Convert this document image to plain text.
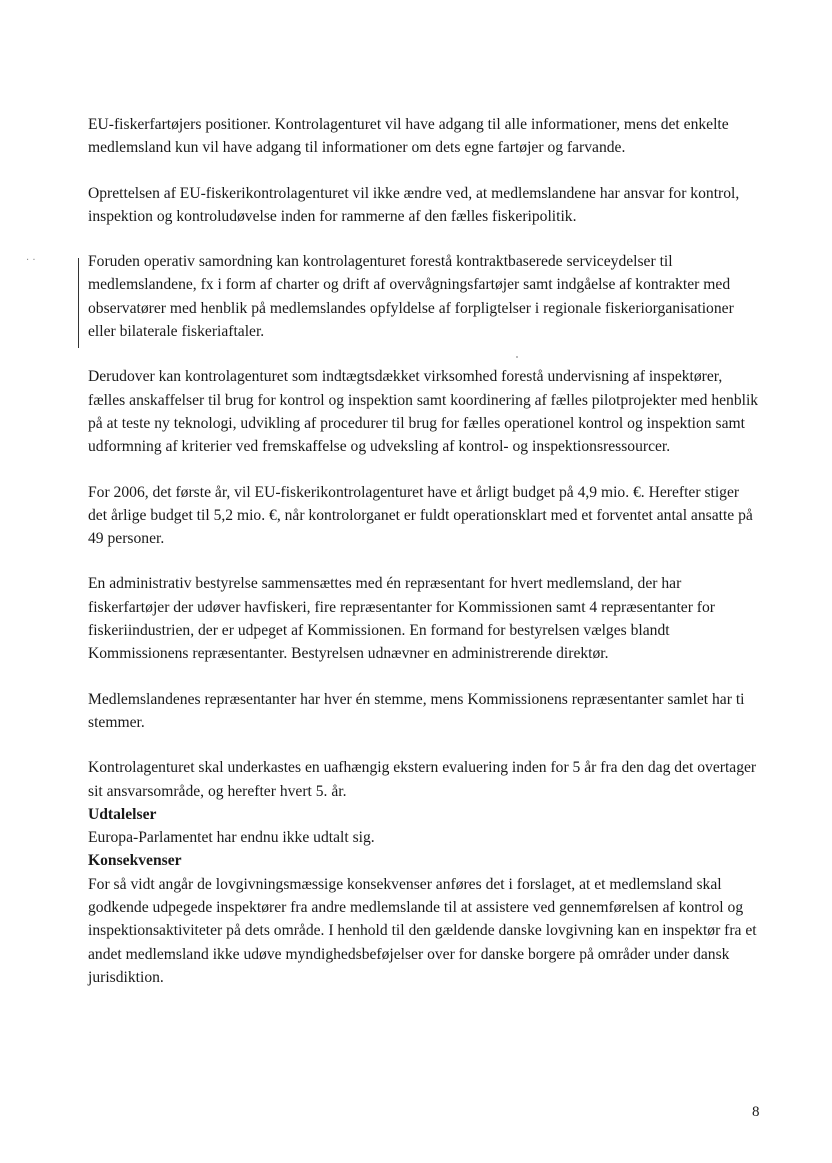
· ·

EU-fiskerfartøjers positioner. Kontrolagenturet vil have adgang til alle informationer, mens det enkelte medlemsland kun vil have adgang til informationer om dets egne fartøjer og farvande.

Oprettelsen af EU-fiskerikontrolagenturet vil ikke ændre ved, at medlemslandene har ansvar for kontrol, inspektion og kontroludøvelse inden for rammerne af den fælles fiskeripolitik.

Foruden operativ samordning kan kontrolagenturet forestå kontraktbaserede serviceydelser til medlemslandene, fx i form af charter og drift af overvågningsfartøjer samt indgåelse af kontrakter med observatører med henblik på medlemslandes opfyldelse af forpligtelser i regionale fiskeriorganisationer eller bilaterale fiskeriaftaler.

Derudover kan kontrolagenturet som indtægtsdækket virksomhed forestå undervisning af inspektører, fælles anskaffelser til brug for kontrol og inspektion samt koordinering af fælles pilotprojekter med henblik på at teste ny teknologi, udvikling af procedurer til brug for fælles operationel kontrol og inspektion samt udformning af kriterier ved fremskaffelse og udveksling af kontrol- og inspektionsressourcer.

For 2006, det første år, vil EU-fiskerikontrolagenturet have et årligt budget på 4,9 mio. €. Herefter stiger det årlige budget til 5,2 mio. €, når kontrolorganet er fuldt operationsklart med et forventet antal ansatte på 49 personer.

En administrativ bestyrelse sammensættes med én repræsentant for hvert medlemsland, der har fiskerfartøjer der udøver havfiskeri, fire repræsentanter for Kommissionen samt 4 repræsentanter for fiskeriindustrien, der er udpeget af Kommissionen. En formand for bestyrelsen vælges blandt Kommissionens repræsentanter. Bestyrelsen udnævner en administrerende direktør.

Medlemslandenes repræsentanter har hver én stemme, mens Kommissionens repræsentanter samlet har ti stemmer.

Kontrolagenturet skal underkastes en uafhængig ekstern evaluering inden for 5 år fra den dag det overtager sit ansvarsområde, og herefter hvert 5. år.

Udtalelser

Europa-Parlamentet har endnu ikke udtalt sig.

Konsekvenser

For så vidt angår de lovgivningsmæssige konsekvenser anføres det i forslaget, at et medlemsland skal godkende udpegede inspektører fra andre medlemslande til at assistere ved gennemførelsen af kontrol og inspektionsaktiviteter på dets område. I henhold til den gældende danske lovgivning kan en inspektør fra et andet medlemsland ikke udøve myndighedsbeføjelser over for danske borgere på områder under dansk jurisdiktion.

8
